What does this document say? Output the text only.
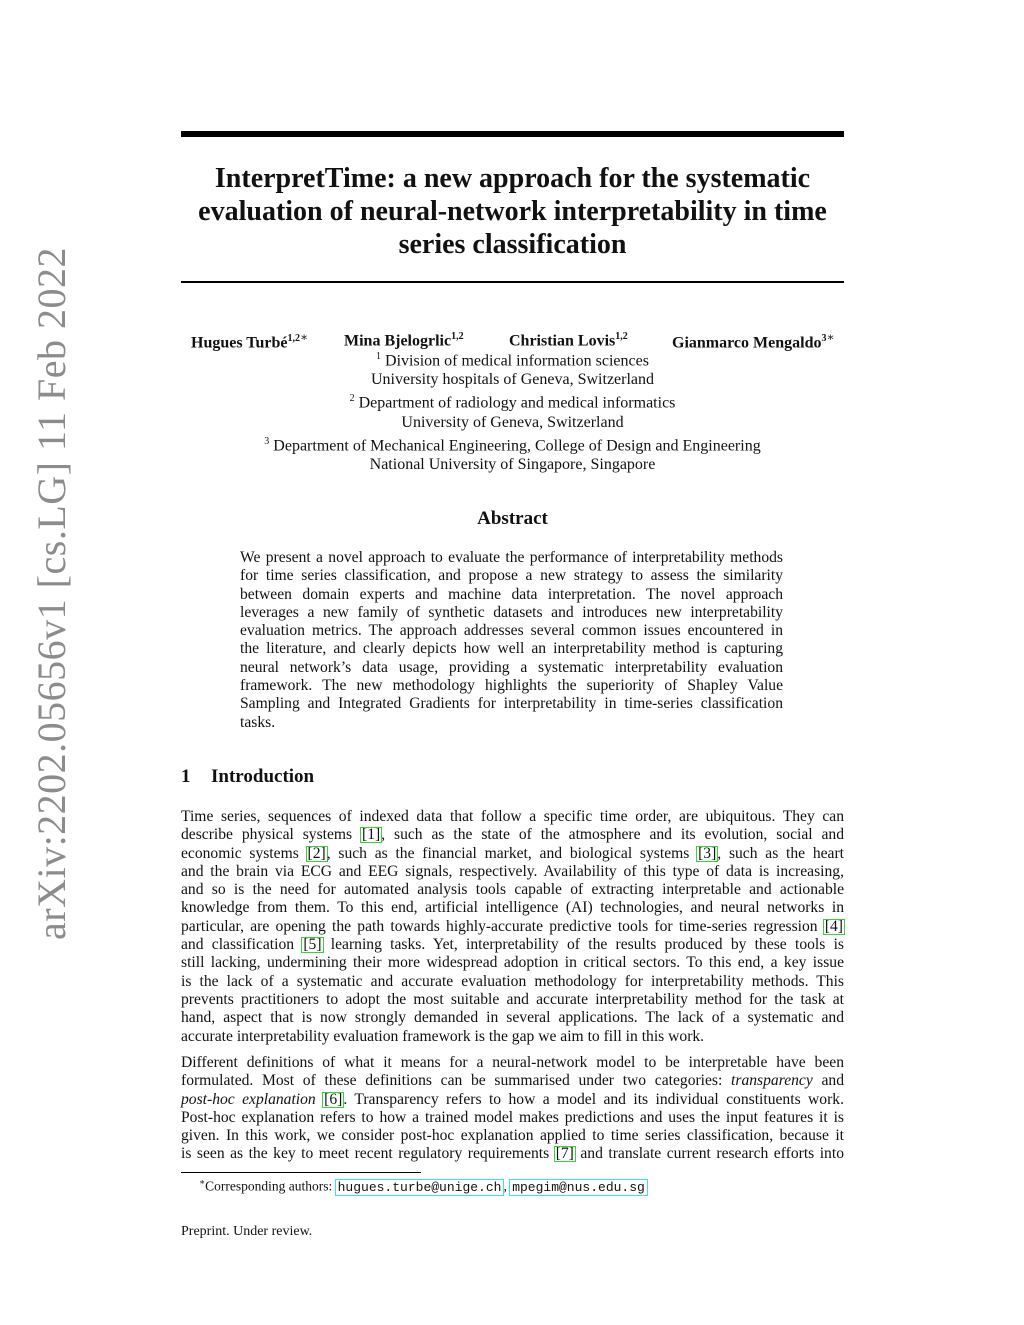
arXiv:2202.05656v1 [cs.LG] 11 Feb 2022
InterpretTime: a new approach for the systematic
evaluation of neural-network interpretability in time
series classification
Hugues Turbé$^{1,2∗}$ Mina Bjelogrlic$^{1,2}$	Christian Lovis$^{1,2}$	Gianmarco Mengaldo$^{3∗}$
$^1$ Division of medical information sciences
University hospitals of Geneva, Switzerland
$^2$ Department of radiology and medical informatics
University of Geneva, Switzerland
$^3$ Department of Mechanical Engineering, College of Design and Engineering
National University of Singapore, Singapore
Abstract
We present a novel approach to evaluate the performance of interpretability methods
for time series classification, and propose a new strategy to assess the similarity
between domain experts and machine data interpretation. The novel approach
leverages a new family of synthetic datasets and introduces new interpretability
evaluation metrics. The approach addresses several common issues encountered in
the literature, and clearly depicts how well an interpretability method is capturing
neural network’s data usage, providing a systematic interpretability evaluation
framework. The new methodology highlights the superiority of Shapley Value
Sampling and Integrated Gradients for interpretability in time-series classification
tasks.
1 Introduction
Time series, sequences of indexed data that follow a specific time order, are ubiquitous. They can
describe physical systems [1], such as the state of the atmosphere and its evolution, social and
economic systems [2], such as the financial market, and biological systems [3], such as the heart
and the brain via ECG and EEG signals, respectively. Availability of this type of data is increasing,
and so is the need for automated analysis tools capable of extracting interpretable and actionable
knowledge from them. To this end, artificial intelligence (AI) technologies, and neural networks in
particular, are opening the path towards highly-accurate predictive tools for time-series regression [4]
and classification [5] learning tasks. Yet, interpretability of the results produced by these tools is
still lacking, undermining their more widespread adoption in critical sectors. To this end, a key issue
is the lack of a systematic and accurate evaluation methodology for interpretability methods. This
prevents practitioners to adopt the most suitable and accurate interpretability method for the task at
hand, aspect that is now strongly demanded in several applications. The lack of a systematic and
accurate interpretability evaluation framework is the gap we aim to fill in this work.
Different definitions of what it means for a neural-network model to be interpretable have been
formulated. Most of these definitions can be summarised under two categories: transparency and
post-hoc explanation [6]. Transparency refers to how a model and its individual constituents work.
Post-hoc explanation refers to how a trained model makes predictions and uses the input features it is
given. In this work, we consider post-hoc explanation applied to time series classification, because it
is seen as the key to meet recent regulatory requirements [7] and translate current research efforts into
∗Corresponding authors: hugues.turbe@unige.ch , mpegim@nus.edu.sg
Preprint. Under review.
